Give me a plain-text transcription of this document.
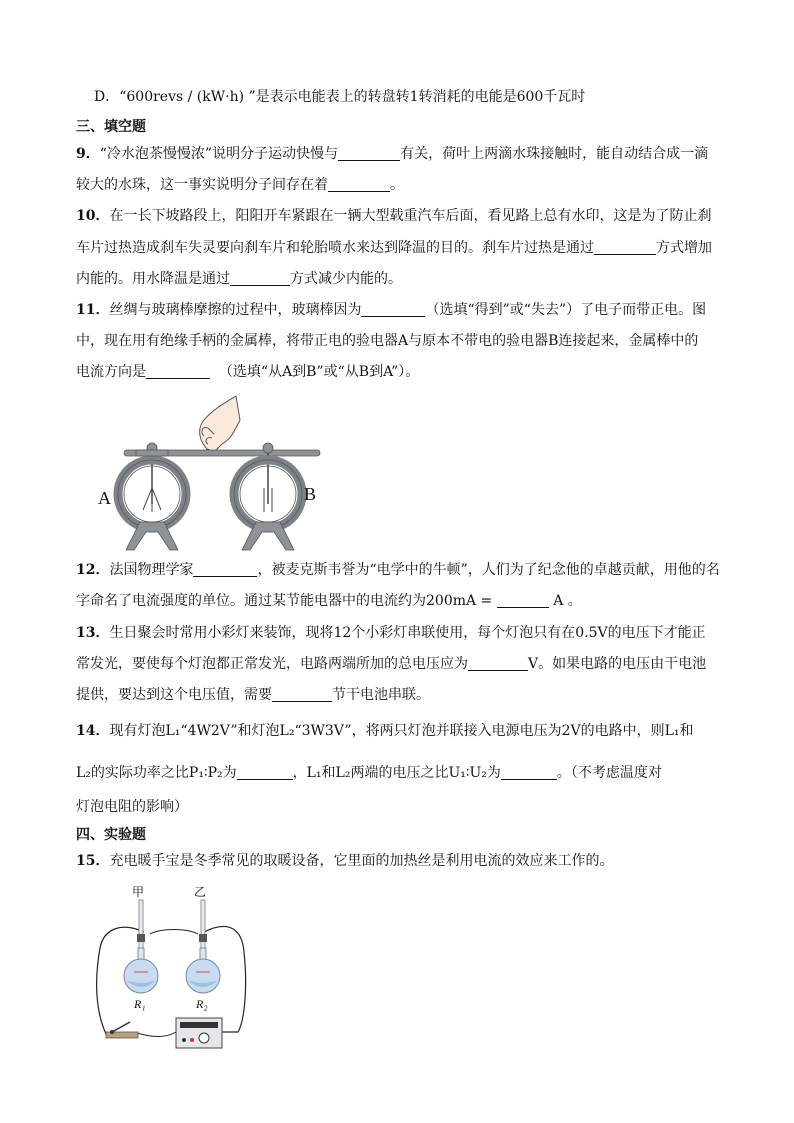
D．“600revs / (kW·h) ”是表示电能表上的转盘转1转消耗的电能是600千瓦时
三、填空题
9．“冷水泡茶慢慢浓”说明分子运动快慢与	有关，荷叶上两滴水珠接触时，能自动结合成一滴
较大的水珠，这一事实说明分子间存在着	。
10．在一长下坡路段上，阳阳开车紧跟在一辆大型载重汽车后面，看见路上总有水印，这是为了防止刹
车片过热造成刹车失灵要向刹车片和轮胎喷水来达到降温的目的。刹车片过热是通过	方式增加
内能的。用水降温是通过	方式减少内能的。
11．丝绸与玻璃棒摩擦的过程中，玻璃棒因为	（选填“得到”或“失去”）了电子而带正电。图
中，现在用有绝缘手柄的金属棒，将带正电的验电器A与原本不带电的验电器B连接起来，金属棒中的
电流方向是	（选填“从A到B”或“从B到A”）。
A	B
12．法国物理学家	，被麦克斯韦誉为“电学中的牛顿”，人们为了纪念他的卓越贡献，用他的名
字命名了电流强度的单位。通过某节能电器中的电流约为200mA =	A 。
13．生日聚会时常用小彩灯来装饰，现将12个小彩灯串联使用，每个灯泡只有在0.5V的电压下才能正
常发光，要使每个灯泡都正常发光，电路两端所加的总电压应为	V。如果电路的电压由干电池
提供，要达到这个电压值，需要	节干电池串联。
14．现有灯泡L₁“4W2V”和灯泡L₂“3W3V”，将两只灯泡并联接入电源电压为2V的电路中，则L₁和
L₂的实际功率之比P₁∶P₂为	，L₁和L₂两端的电压之比U₁∶U₂为	。（不考虑温度对
灯泡电阻的影响）
四、实验题
15．充电暖手宝是冬季常见的取暖设备，它里面的加热丝是利用电流的效应来工作的。
甲	乙
R₁	R₂
